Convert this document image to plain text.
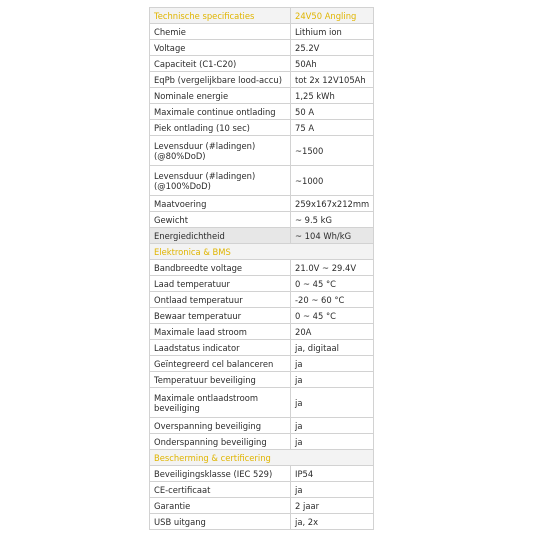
Technische specificaties	24V50 Angling
Chemie	Lithium ion
Voltage	25.2V
Capaciteit (C1-C20)	50Ah
EqPb (vergelijkbare lood-accu)	tot 2x 12V105Ah
Nominale energie	1,25 kWh
Maximale continue ontlading	50 A
Piek ontlading (10 sec)	75 A
Levensduur (#ladingen)
(@80%DoD)	~1500
Levensduur (#ladingen)
(@100%DoD)	~1000
Maatvoering	259x167x212mm
Gewicht	~ 9.5 kG
Energiedichtheid	~ 104 Wh/kG
Elektronica & BMS	
Bandbreedte voltage	21.0V ~ 29.4V
Laad temperatuur	0 ~ 45 °C
Ontlaad temperatuur	-20 ~ 60 °C
Bewaar temperatuur	0 ~ 45 °C
Maximale laad stroom	20A
Laadstatus indicator	ja, digitaal
Geïntegreerd cel balanceren	ja
Temperatuur beveiliging	ja
Maximale ontlaadstroom
beveiliging	ja
Overspanning beveiliging	ja
Onderspanning beveiliging	ja
Bescherming & certificering	
Beveiligingsklasse (IEC 529)	IP54
CE-certificaat	ja
Garantie	2 jaar
USB uitgang	ja, 2x
